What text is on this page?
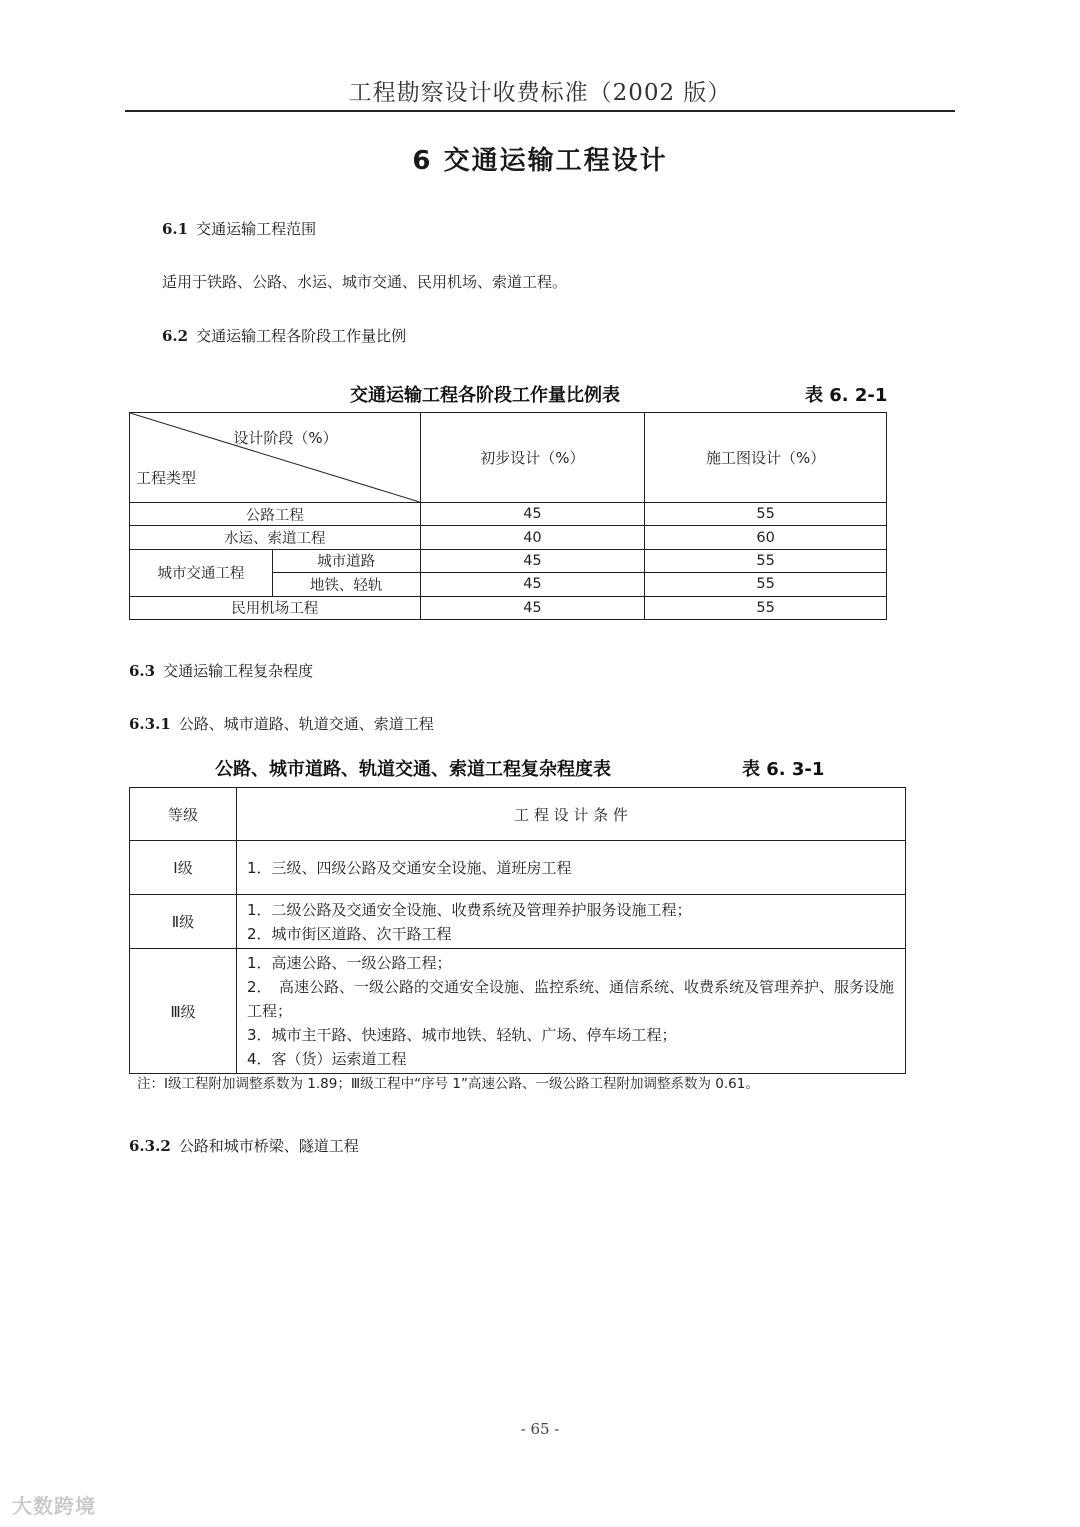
工程勘察设计收费标准（2002 版）
6 交通运输工程设计
6.1 交通运输工程范围
适用于铁路、公路、水运、城市交通、民用机场、索道工程。
6.2 交通运输工程各阶段工作量比例
交通运输工程各阶段工作量比例表	表 6. 2-1
设计阶段（%）
工程类型		初步设计（%）	施工图设计（%）
公路工程		45	55
水运、索道工程		40	60
城市交通工程	城市道路	45	55
	地铁、轻轨	45	55
民用机场工程		45	55
6.3 交通运输工程复杂程度
6.3.1 公路、城市道路、轨道交通、索道工程
公路、城市道路、轨道交通、索道工程复杂程度表	表 6. 3-1
等级	工 程 设 计 条 件
Ⅰ级	1．三级、四级公路及交通安全设施、道班房工程

Ⅱ级	1．二级公路及交通安全设施、收费系统及管理养护服务设施工程；
2．城市街区道路、次干路工程

Ⅲ级	1．高速公路、一级公路工程；
2．　高速公路、一级公路的交通安全设施、监控系统、通信系统、收费系统及管理养护、服务设施工程；
3．城市主干路、快速路、城市地铁、轻轨、广场、停车场工程；
4．客（货）运索道工程
注：Ⅰ级工程附加调整系数为 1.89；Ⅲ级工程中“序号 1”高速公路、一级公路工程附加调整系数为 0.61。
6.3.2 公路和城市桥梁、隧道工程
- 65 -
大数跨境
